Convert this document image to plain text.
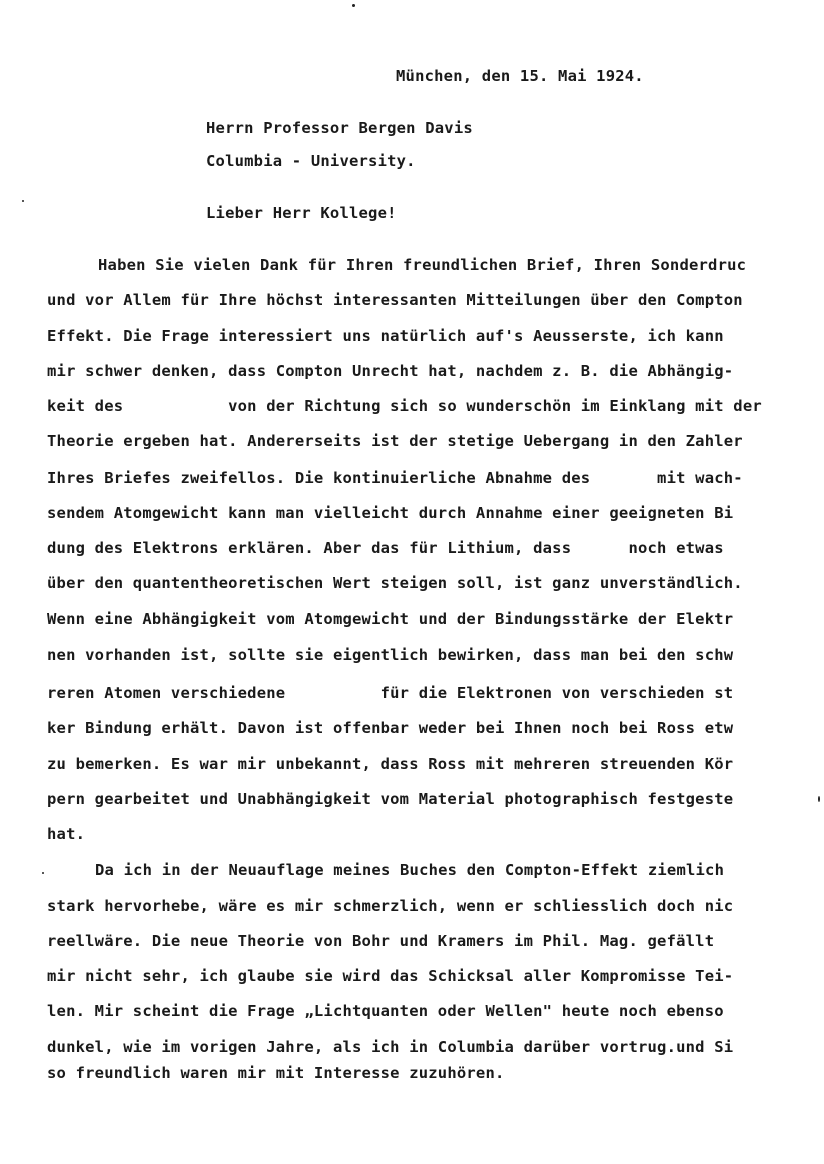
München, den 15. Mai 1924.
Herrn Professor Bergen Davis
Columbia - University.
Lieber Herr Kollege!
Haben Sie vielen Dank für Ihren freundlichen Brief, Ihren Sonderdruc
und vor Allem für Ihre höchst interessanten Mitteilungen über den Compton
Effekt. Die Frage interessiert uns natürlich auf's Aeusserste, ich kann
mir schwer denken, dass Compton Unrecht hat, nachdem z. B. die Abhängig-
keit des           von der Richtung sich so wunderschön im Einklang mit der
Theorie ergeben hat. Andererseits ist der stetige Uebergang in den Zahler
Ihres Briefes zweifellos. Die kontinuierliche Abnahme des       mit wach-
sendem Atomgewicht kann man vielleicht durch Annahme einer geeigneten Bi
dung des Elektrons erklären. Aber das für Lithium, dass      noch etwas
über den quantentheoretischen Wert steigen soll, ist ganz unverständlich.
Wenn eine Abhängigkeit vom Atomgewicht und der Bindungsstärke der Elektr
nen vorhanden ist, sollte sie eigentlich bewirken, dass man bei den schw
reren Atomen verschiedene          für die Elektronen von verschieden st
ker Bindung erhält. Davon ist offenbar weder bei Ihnen noch bei Ross etw
zu bemerken. Es war mir unbekannt, dass Ross mit mehreren streuenden Kör
pern gearbeitet und Unabhängigkeit vom Material photographisch festgeste
hat.
Da ich in der Neuauflage meines Buches den Compton-Effekt ziemlich
stark hervorhebe, wäre es mir schmerzlich, wenn er schliesslich doch nic
reellwäre. Die neue Theorie von Bohr und Kramers im Phil. Mag. gefällt
mir nicht sehr, ich glaube sie wird das Schicksal aller Kompromisse Tei-
len. Mir scheint die Frage „Lichtquanten oder Wellen" heute noch ebenso
dunkel, wie im vorigen Jahre, als ich in Columbia darüber vortrug.und Si
so freundlich waren mir mit Interesse zuzuhören.
